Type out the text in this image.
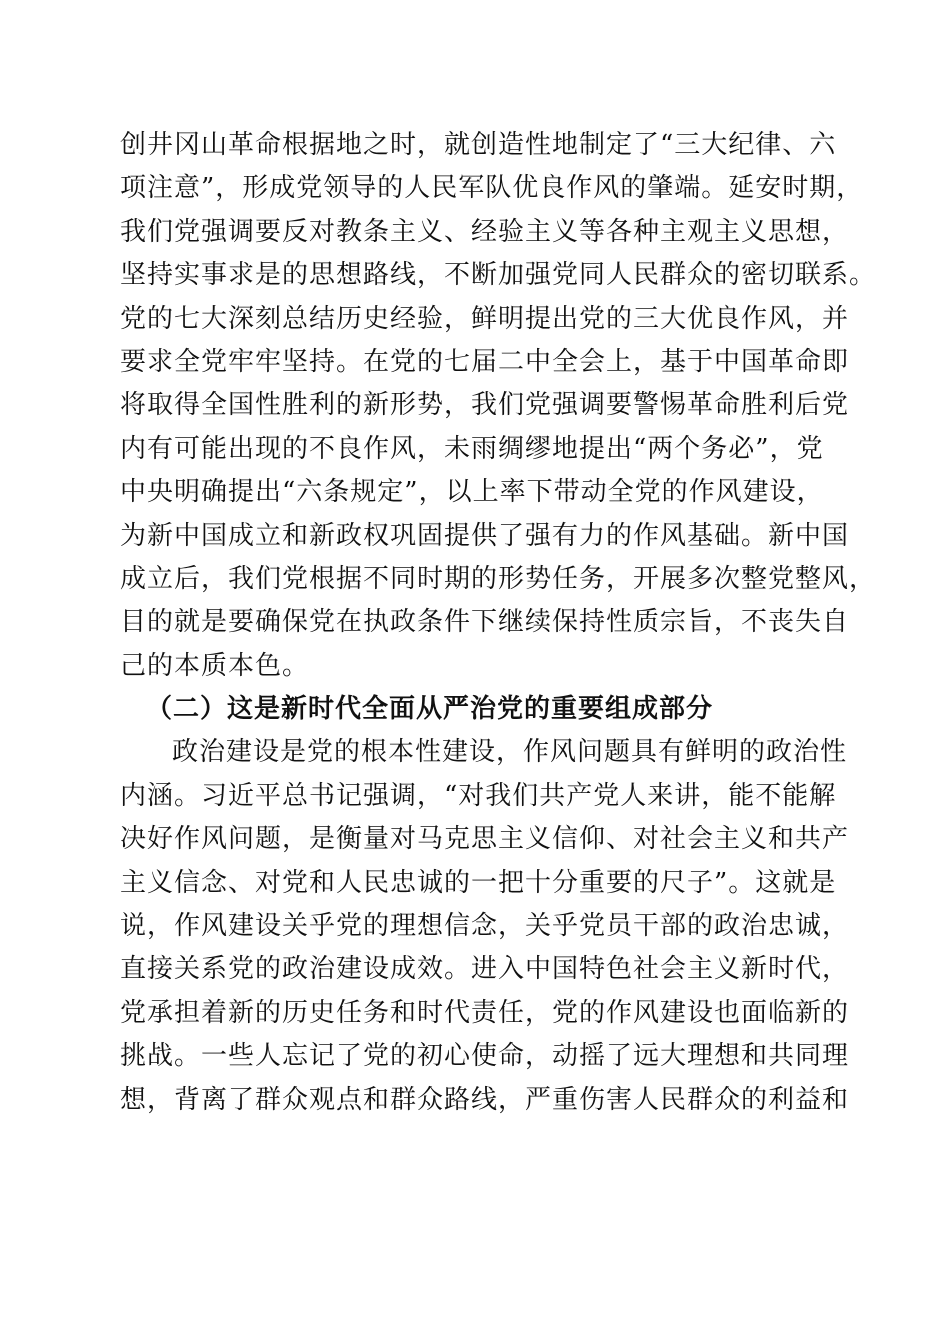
创井冈山革命根据地之时，就创造性地制定了“三大纪律、六
项注意”，形成党领导的人民军队优良作风的肇端。延安时期，
我们党强调要反对教条主义、经验主义等各种主观主义思想，
坚持实事求是的思想路线，不断加强党同人民群众的密切联系。
党的七大深刻总结历史经验，鲜明提出党的三大优良作风，并
要求全党牢牢坚持。在党的七届二中全会上，基于中国革命即
将取得全国性胜利的新形势，我们党强调要警惕革命胜利后党
内有可能出现的不良作风，未雨绸缪地提出“两个务必”，党
中央明确提出“六条规定”，以上率下带动全党的作风建设，
为新中国成立和新政权巩固提供了强有力的作风基础。新中国
成立后，我们党根据不同时期的形势任务，开展多次整党整风，
目的就是要确保党在执政条件下继续保持性质宗旨，不丧失自
己的本质本色。
（二）这是新时代全面从严治党的重要组成部分
政治建设是党的根本性建设，作风问题具有鲜明的政治性
内涵。习近平总书记强调，“对我们共产党人来讲，能不能解
决好作风问题，是衡量对马克思主义信仰、对社会主义和共产
主义信念、对党和人民忠诚的一把十分重要的尺子”。这就是
说，作风建设关乎党的理想信念，关乎党员干部的政治忠诚，
直接关系党的政治建设成效。进入中国特色社会主义新时代，
党承担着新的历史任务和时代责任，党的作风建设也面临新的
挑战。一些人忘记了党的初心使命，动摇了远大理想和共同理
想，背离了群众观点和群众路线，严重伤害人民群众的利益和
